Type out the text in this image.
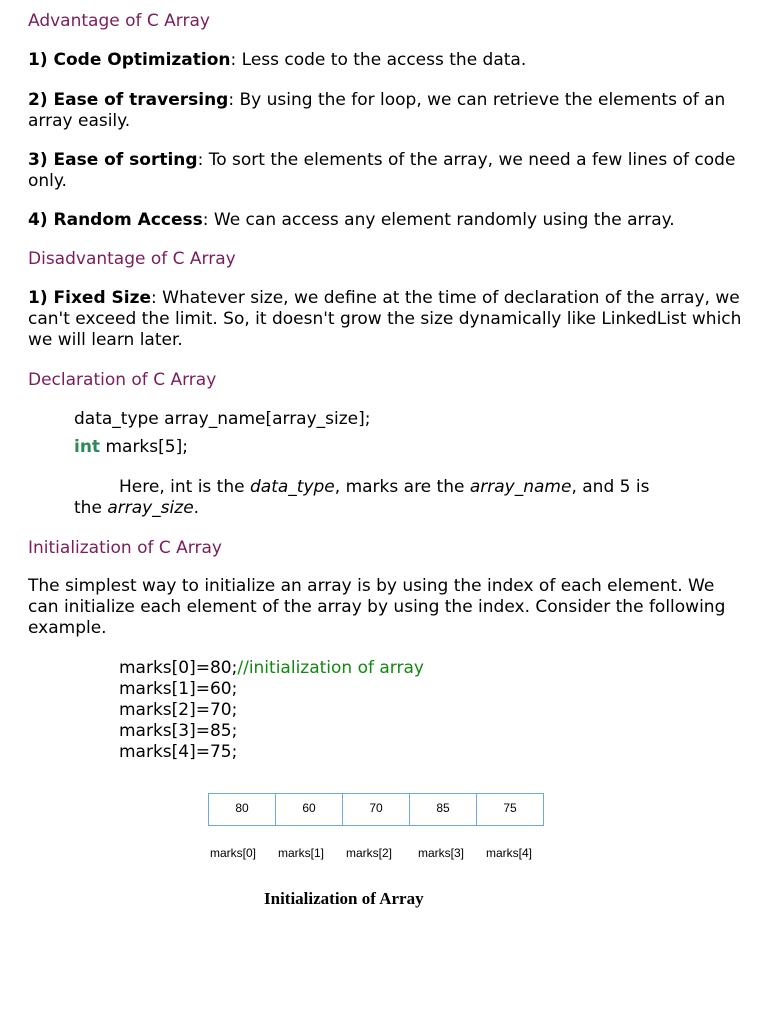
Advantage of C Array
1) Code Optimization: Less code to the access the data.
2) Ease of traversing: By using the for loop, we can retrieve the elements of an array easily.
3) Ease of sorting: To sort the elements of the array, we need a few lines of code only.
4) Random Access: We can access any element randomly using the array.
Disadvantage of C Array
1) Fixed Size: Whatever size, we define at the time of declaration of the array, we can't exceed the limit. So, it doesn't grow the size dynamically like LinkedList which we will learn later.
Declaration of C Array
data_type array_name[array_size];
int marks[5];
Here, int is the data_type, marks are the array_name, and 5 is
the array_size.
Initialization of C Array
The simplest way to initialize an array is by using the index of each element. We can initialize each element of the array by using the index. Consider the following example.
marks[0]=80;//initialization of array
marks[1]=60;
marks[2]=70;
marks[3]=85;
marks[4]=75;
80	60	70	85	75
marks[0] marks[1] marks[2] marks[3] marks[4]
Initialization of Array
